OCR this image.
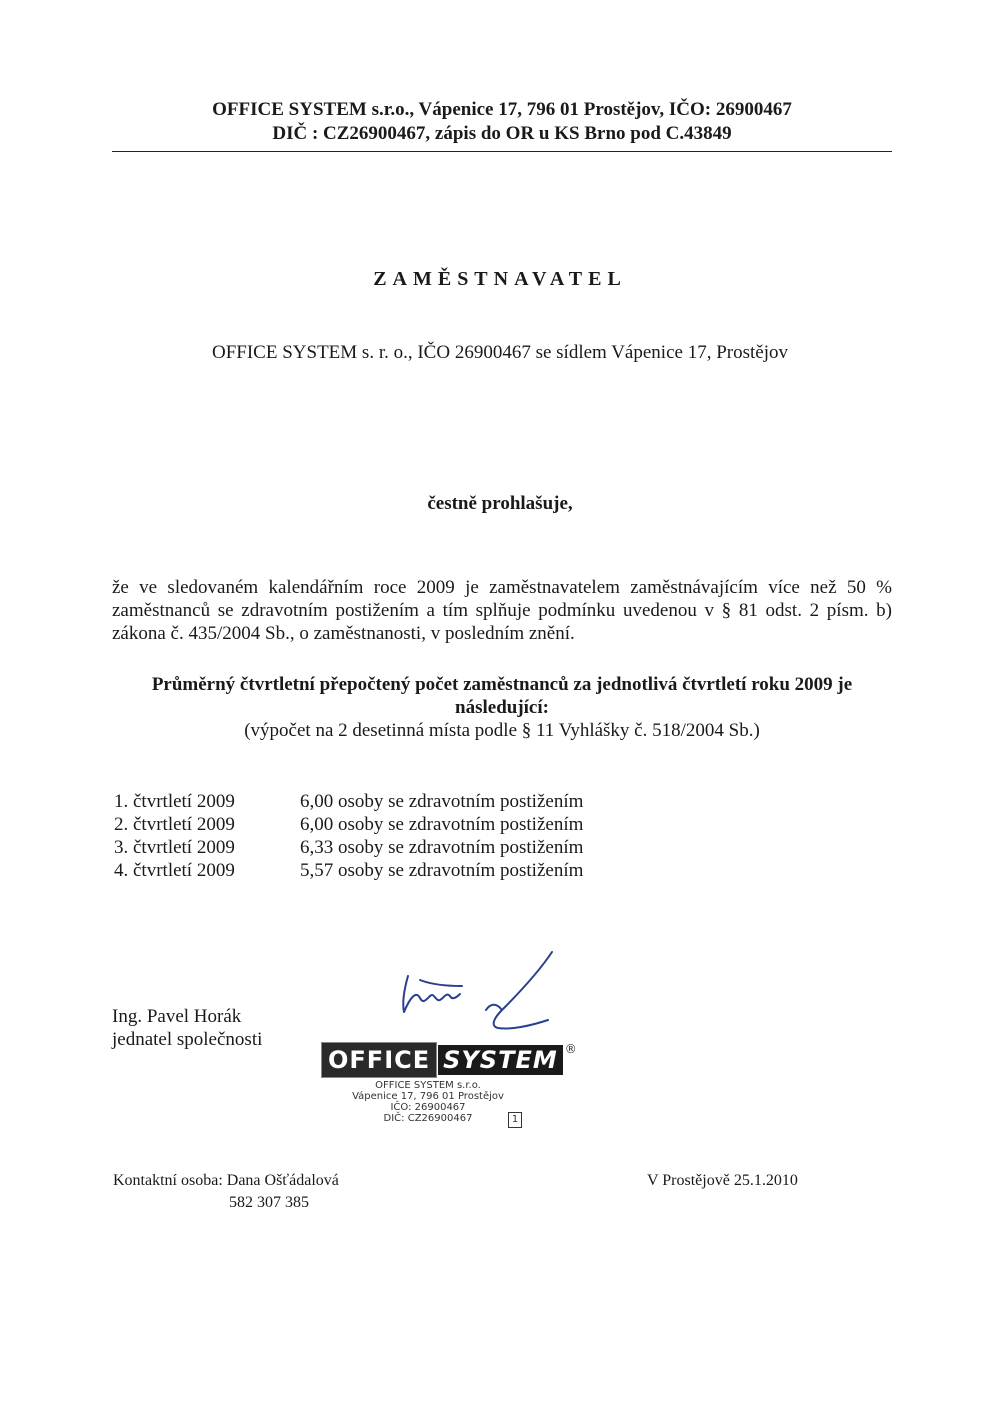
OFFICE SYSTEM s.r.o., Vápenice 17, 796 01 Prostějov, IČO: 26900467
DIČ : CZ26900467, zápis do OR u KS Brno pod C.43849
ZAMĚSTNAVATEL
OFFICE SYSTEM s. r. o., IČO 26900467 se sídlem Vápenice 17, Prostějov
čestně prohlašuje,
že ve sledovaném kalendářním roce 2009 je zaměstnavatelem zaměstnávajícím více než 50 % zaměstnanců se zdravotním postižením a tím splňuje podmínku uvedenou v § 81 odst. 2 písm. b) zákona č. 435/2004 Sb., o zaměstnanosti, v posledním znění.
Průměrný čtvrtletní přepočtený počet zaměstnanců za jednotlivá čtvrtletí roku 2009 je následující:
(výpočet na 2 desetinná místa podle § 11 Vyhlášky č. 518/2004 Sb.)
1. čtvrtletí 2009	6,00 osoby se zdravotním postižením
2. čtvrtletí 2009	6,00 osoby se zdravotním postižením
3. čtvrtletí 2009	6,33 osoby se zdravotním postižením
4. čtvrtletí 2009	5,57 osoby se zdravotním postižením
Ing. Pavel Horák
jednatel společnosti
OFFICE SYSTEM ®
OFFICE SYSTEM s.r.o.
Vápenice 17, 796 01 Prostějov
IČO: 26900467
DIČ: CZ26900467	1
Kontaktní osoba: Dana Ošťádalová
582 307 385
V Prostějově 25.1.2010
